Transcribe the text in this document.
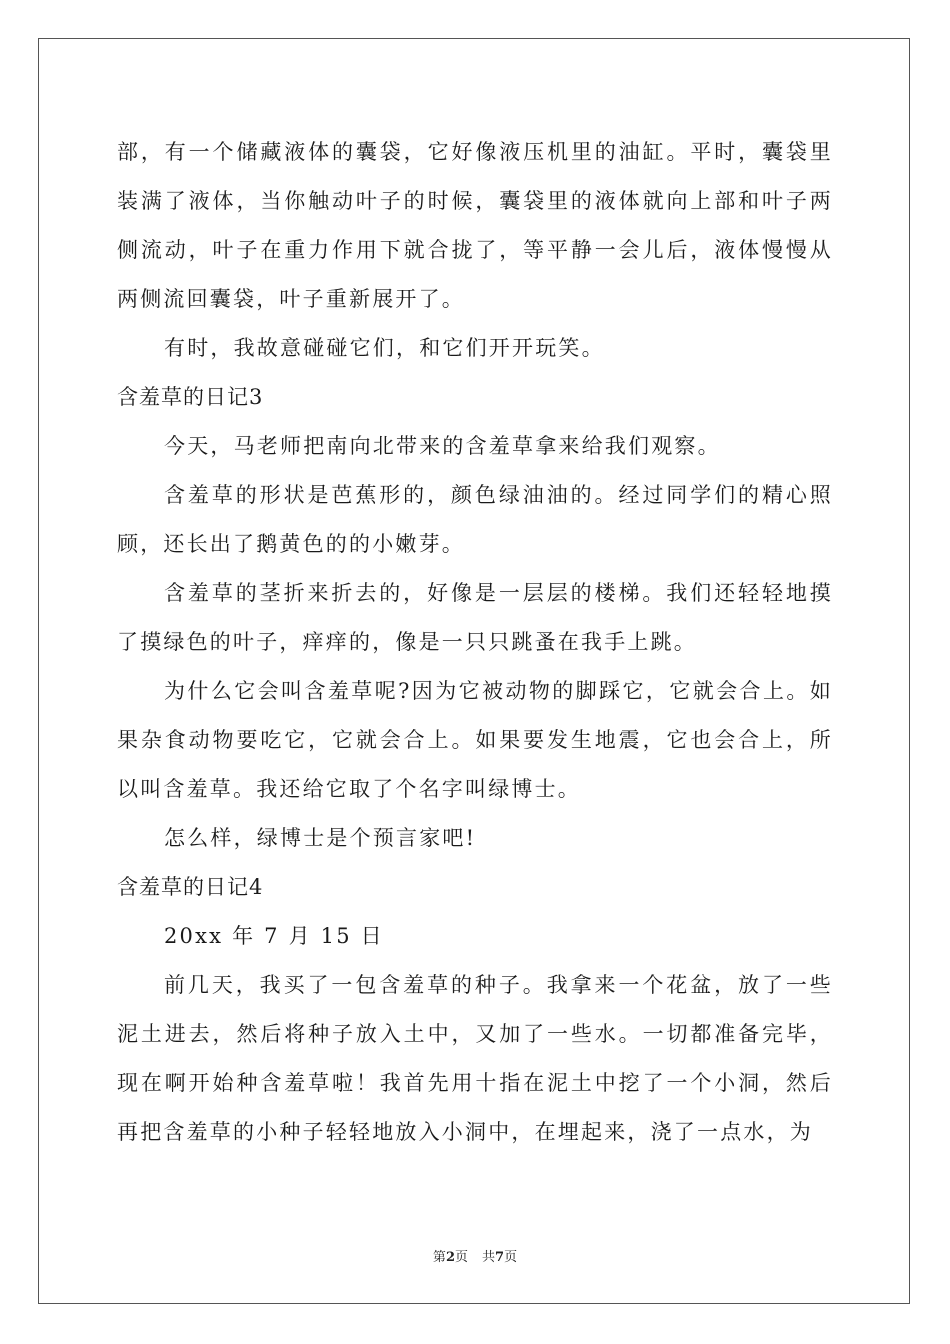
部，有一个储藏液体的囊袋，它好像液压机里的油缸。平时，囊袋里装满了液体，当你触动叶子的时候，囊袋里的液体就向上部和叶子两侧流动，叶子在重力作用下就合拢了，等平静一会儿后，液体慢慢从两侧流回囊袋，叶子重新展开了。

有时，我故意碰碰它们，和它们开开玩笑。

含羞草的日记3

今天，马老师把南向北带来的含羞草拿来给我们观察。

含羞草的形状是芭蕉形的，颜色绿油油的。经过同学们的精心照顾，还长出了鹅黄色的的小嫩芽。

含羞草的茎折来折去的，好像是一层层的楼梯。我们还轻轻地摸了摸绿色的叶子，痒痒的，像是一只只跳蚤在我手上跳。

为什么它会叫含羞草呢?因为它被动物的脚踩它，它就会合上。如果杂食动物要吃它，它就会合上。如果要发生地震，它也会合上，所以叫含羞草。我还给它取了个名字叫绿博士。

怎么样，绿博士是个预言家吧!

含羞草的日记4

20xx 年 7 月 15 日

前几天，我买了一包含羞草的种子。我拿来一个花盆，放了一些泥土进去，然后将种子放入土中，又加了一些水。一切都准备完毕，现在啊开始种含羞草啦！我首先用十指在泥土中挖了一个小洞，然后再把含羞草的小种子轻轻地放入小洞中，在埋起来，浇了一点水，为

第2页 共7页
